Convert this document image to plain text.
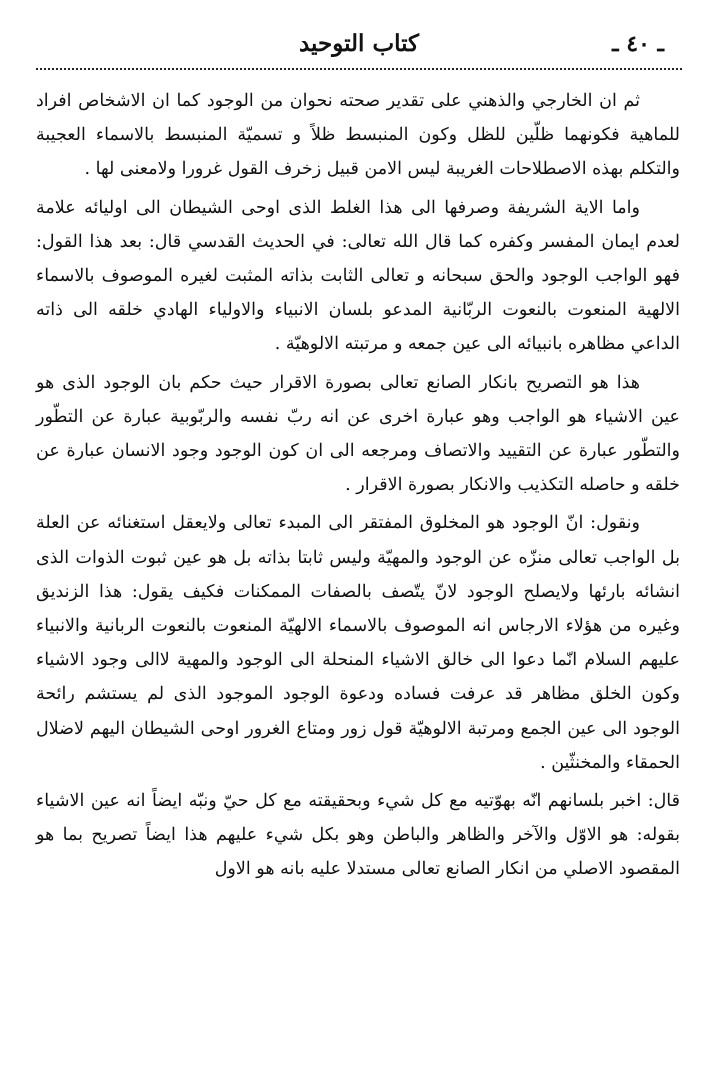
ـ ٤٠ ـ
كتاب التوحيد

ثم ان الخارجي والذهني على تقدير صحته نحوان من الوجود كما ان الاشخاص افراد للماهية فكونهما ظلّين للظل وكون المنبسط ظلاً و تسميّة المنبسط بالاسماء العجيبة والتكلم بهذه الاصطلاحات الغريبة ليس الامن قبيل زخرف القول غرورا ولامعنى لها .

واما الاية الشريفة وصرفها الى هذا الغلط الذى اوحى الشيطان الى اوليائه علامة لعدم ايمان المفسر وكفره كما قال الله تعالى: في الحديث القدسي قال: بعد هذا القول: فهو الواجب الوجود والحق سبحانه و تعالى الثابت بذاته المثبت لغيره الموصوف بالاسماء الالهية المنعوت بالنعوت الربّانية المدعو بلسان الانبياء والاولياء الهادي خلقه الى ذاته الداعي مظاهره بانبيائه الى عين جمعه و مرتبته الالوهيّة .

هذا هو التصريح بانكار الصانع تعالى بصورة الاقرار حيث حكم بان الوجود الذى هو عين الاشياء هو الواجب وهو عبارة اخرى عن انه ربّ نفسه والربّوبية عبارة عن التطّور والتطّور عبارة عن التقييد والاتصاف ومرجعه الى ان كون الوجود وجود الانسان عبارة عن خلقه و حاصله التكذيب والانكار بصورة الاقرار .

ونقول: انّ الوجود هو المخلوق المفتقر الى المبدء تعالى ولايعقل استغنائه عن العلة بل الواجب تعالى منزّه عن الوجود والمهيّة وليس ثابتا بذاته بل هو عين ثبوت الذوات الذى انشائه بارئها ولايصلح الوجود لانّ يتّصف بالصفات الممكنات فكيف يقول: هذا الزنديق وغيره من هؤلاء الارجاس انه الموصوف بالاسماء الالهيّة المنعوت بالنعوت الربانية والانبياء عليهم السلام انّما دعوا الى خالق الاشياء المنحلة الى الوجود والمهية لاالى وجود الاشياء وكون الخلق مظاهر قد عرفت فساده ودعوة الوجود الموجود الذى لم يستشم رائحة الوجود الى عين الجمع ومرتبة الالوهيّة قول زور ومتاع الغرور اوحى الشيطان اليهم لاضلال الحمقاء والمخنثّين .

قال: اخبر بلسانهم انّه بهوّتيه مع كل شيء وبحقيقته مع كل حيّ ونبّه ايضاً انه عين الاشياء بقوله: هو الاوّل والآخر والظاهر والباطن وهو بكل شيء عليهم هذا ايضاً تصريح بما هو المقصود الاصلي من انكار الصانع تعالى مستدلا عليه بانه هو الاول
